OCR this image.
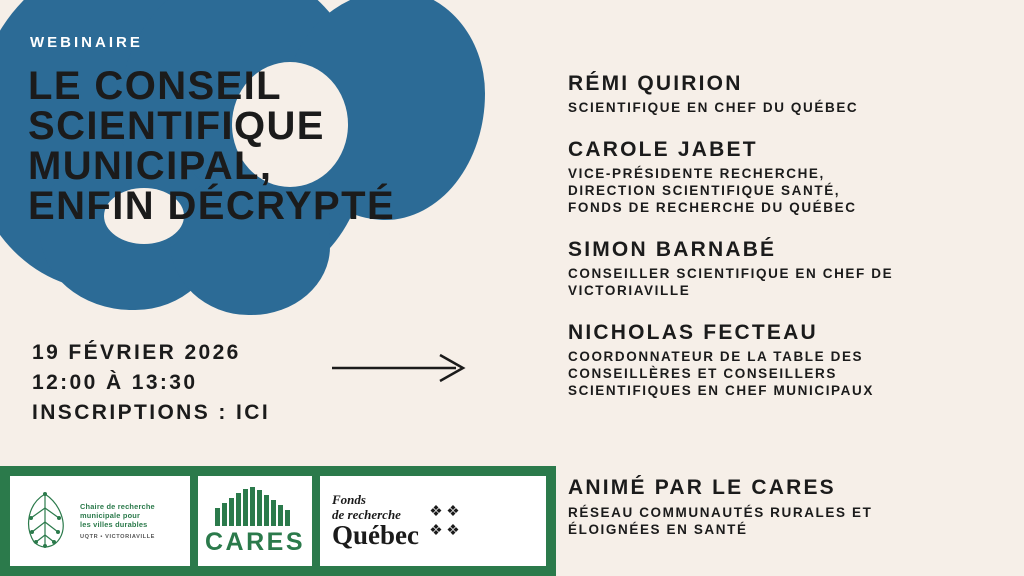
WEBINAIRE
LE CONSEIL
SCIENTIFIQUE
MUNICIPAL,
ENFIN DÉCRYPTÉ
19 FÉVRIER 2026
12:00 À 13:30
INSCRIPTIONS : ICI
RÉMI QUIRION
SCIENTIFIQUE EN CHEF DU QUÉBEC
CAROLE JABET
VICE-PRÉSIDENTE RECHERCHE,
DIRECTION SCIENTIFIQUE SANTÉ,
FONDS DE RECHERCHE DU QUÉBEC
SIMON BARNABÉ
CONSEILLER SCIENTIFIQUE EN CHEF DE
VICTORIAVILLE
NICHOLAS FECTEAU
COORDONNATEUR DE LA TABLE DES
CONSEILLÈRES ET CONSEILLERS
SCIENTIFIQUES EN CHEF MUNICIPAUX
Chaire de recherche
municipale pour
les villes durables
UQTR • VICTORIAVILLE CARES
Fonds
de recherche
Québec
❖ ❖
❖ ❖
ANIMÉ PAR LE CARES
RÉSEAU COMMUNAUTÉS RURALES ET
ÉLOIGNÉES EN SANTÉ
